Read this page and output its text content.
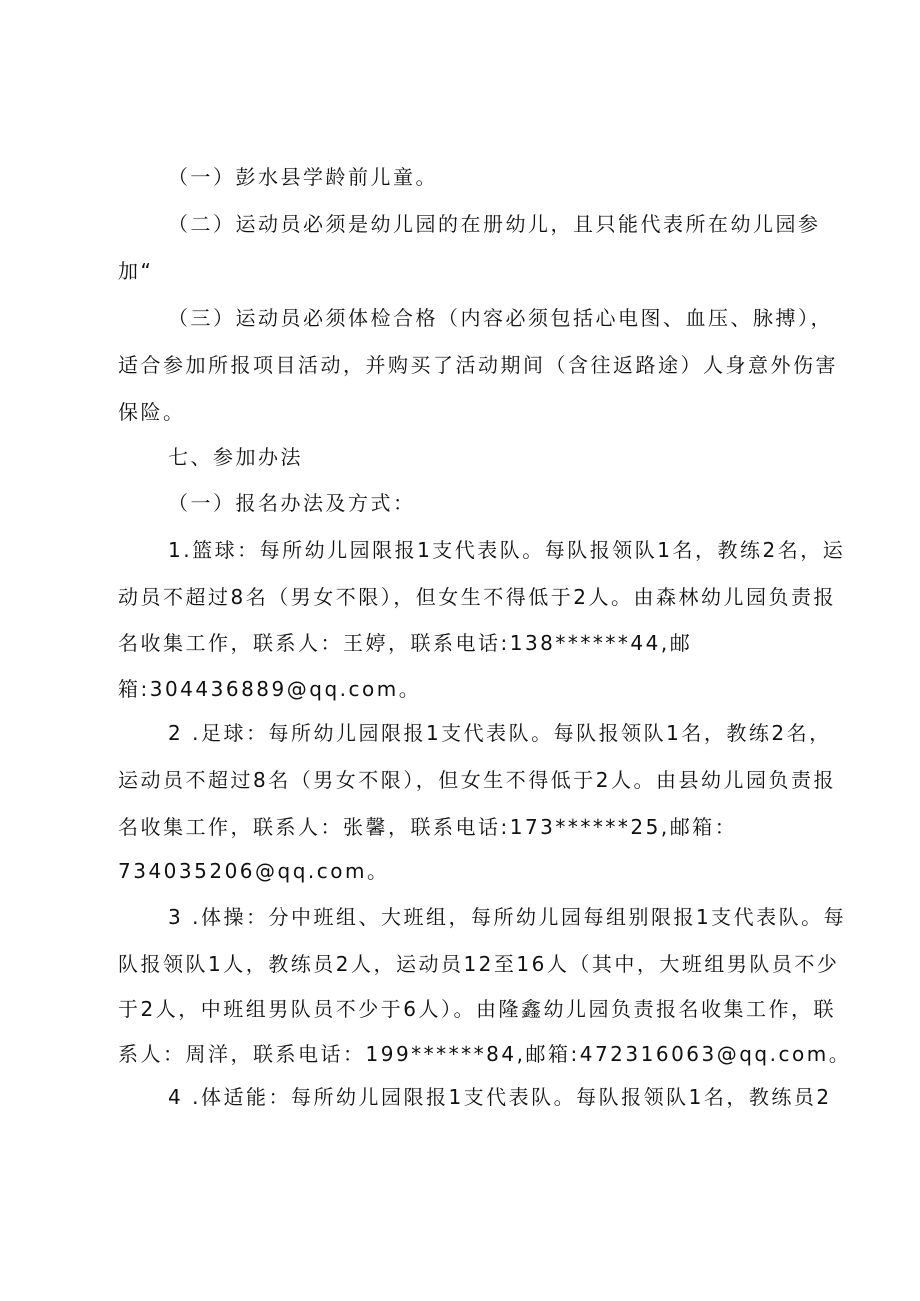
（一）彭水县学龄前儿童。
（二）运动员必须是幼儿园的在册幼儿，且只能代表所在幼儿园参
加“
（三）运动员必须体检合格（内容必须包括心电图、血压、脉搏），
适合参加所报项目活动，并购买了活动期间（含往返路途）人身意外伤害
保险。
七、参加办法
（一）报名办法及方式：
1.篮球：每所幼儿园限报1支代表队。每队报领队1名，教练2名，运
动员不超过8名（男女不限），但女生不得低于2人。由森林幼儿园负责报
名收集工作，联系人：王婷，联系电话:138******44,邮
箱:304436889@qq.com。
2 .足球：每所幼儿园限报1支代表队。每队报领队1名，教练2名，
运动员不超过8名（男女不限），但女生不得低于2人。由县幼儿园负责报
名收集工作，联系人：张馨，联系电话:173******25,邮箱：
734035206@qq.com。
3 .体操：分中班组、大班组，每所幼儿园每组别限报1支代表队。每
队报领队1人，教练员2人，运动员12至16人（其中，大班组男队员不少
于2人，中班组男队员不少于6人）。由隆鑫幼儿园负责报名收集工作，联
系人：周洋，联系电话：199******84,邮箱:472316063@qq.com。
4 .体适能：每所幼儿园限报1支代表队。每队报领队1名，教练员2
